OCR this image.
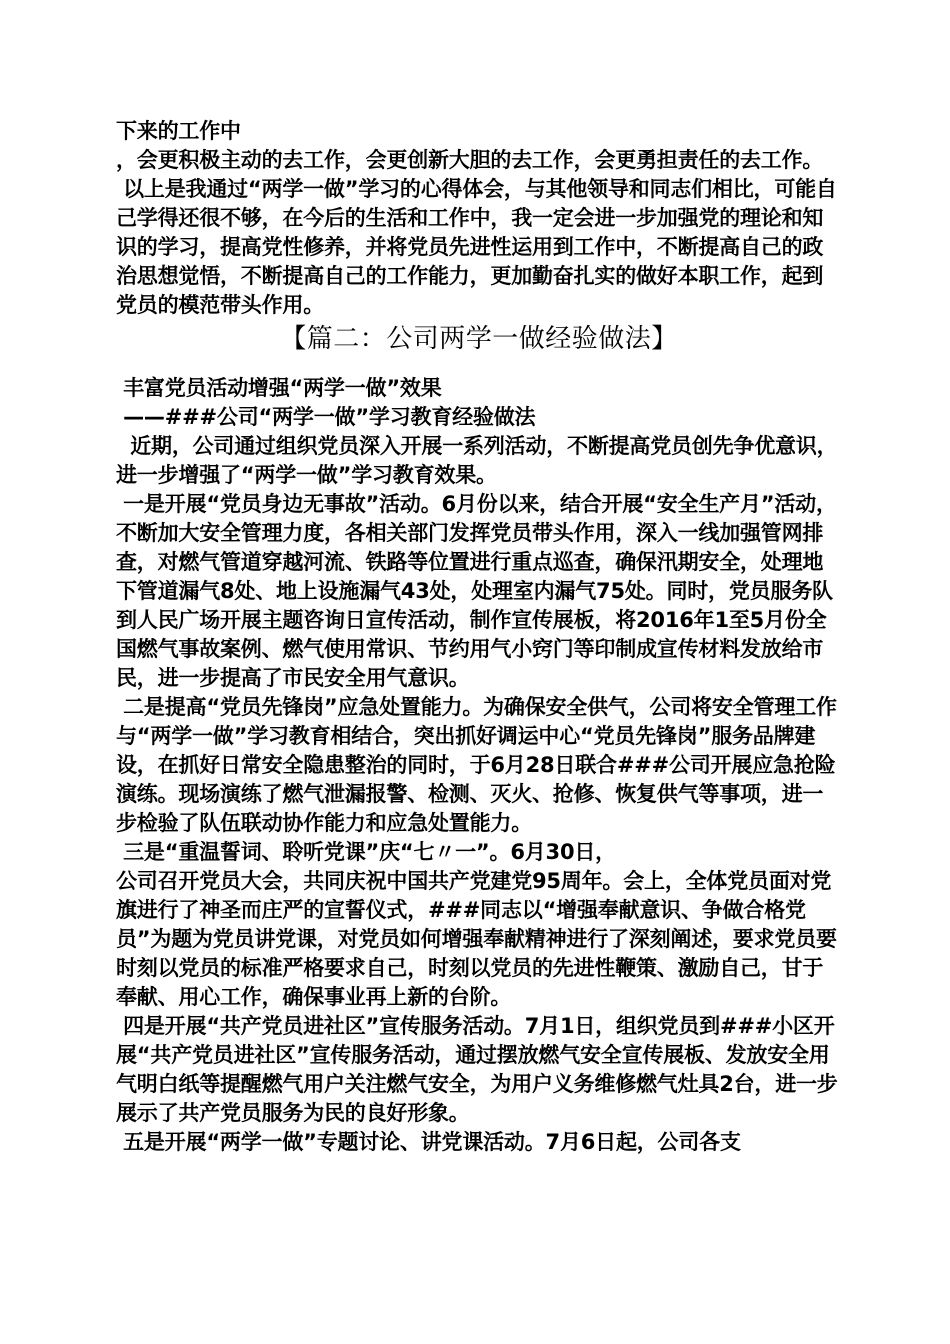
下来的工作中

，会更积极主动的去工作，会更创新大胆的去工作，会更勇担责任的去工作。

以上是我通过“两学一做”学习的心得体会，与其他领导和同志们相比，可能自己学得还很不够，在今后的生活和工作中，我一定会进一步加强党的理论和知识的学习，提高党性修养，并将党员先进性运用到工作中，不断提高自己的政治思想觉悟，不断提高自己的工作能力，更加勤奋扎实的做好本职工作，起到党员的模范带头作用。

【篇二：公司两学一做经验做法】

丰富党员活动增强“两学一做”效果

——###公司“两学一做”学习教育经验做法

近期，公司通过组织党员深入开展一系列活动，不断提高党员创先争优意识，进一步增强了“两学一做”学习教育效果。

一是开展“党员身边无事故”活动。6月份以来，结合开展“安全生产月”活动，不断加大安全管理力度，各相关部门发挥党员带头作用，深入一线加强管网排查，对燃气管道穿越河流、铁路等位置进行重点巡查，确保汛期安全，处理地下管道漏气8处、地上设施漏气43处，处理室内漏气75处。同时，党员服务队到人民广场开展主题咨询日宣传活动，制作宣传展板，将2016年1至5月份全国燃气事故案例、燃气使用常识、节约用气小窍门等印制成宣传材料发放给市民，进一步提高了市民安全用气意识。

二是提高“党员先锋岗”应急处置能力。为确保安全供气，公司将安全管理工作与“两学一做”学习教育相结合，突出抓好调运中心“党员先锋岗”服务品牌建设，在抓好日常安全隐患整治的同时，于6月28日联合###公司开展应急抢险演练。现场演练了燃气泄漏报警、检测、灭火、抢修、恢复供气等事项，进一步检验了队伍联动协作能力和应急处置能力。

三是“重温誓词、聆听党课”庆“七〃一”。6月30日，

公司召开党员大会，共同庆祝中国共产党建党95周年。会上，全体党员面对党旗进行了神圣而庄严的宣誓仪式，###同志以“增强奉献意识、争做合格党员”为题为党员讲党课，对党员如何增强奉献精神进行了深刻阐述，要求党员要时刻以党员的标准严格要求自己，时刻以党员的先进性鞭策、激励自己，甘于奉献、用心工作，确保事业再上新的台阶。

四是开展“共产党员进社区”宣传服务活动。7月1日，组织党员到###小区开展“共产党员进社区”宣传服务活动，通过摆放燃气安全宣传展板、发放安全用气明白纸等提醒燃气用户关注燃气安全，为用户义务维修燃气灶具2台，进一步展示了共产党员服务为民的良好形象。

五是开展“两学一做”专题讨论、讲党课活动。7月6日起，公司各支
